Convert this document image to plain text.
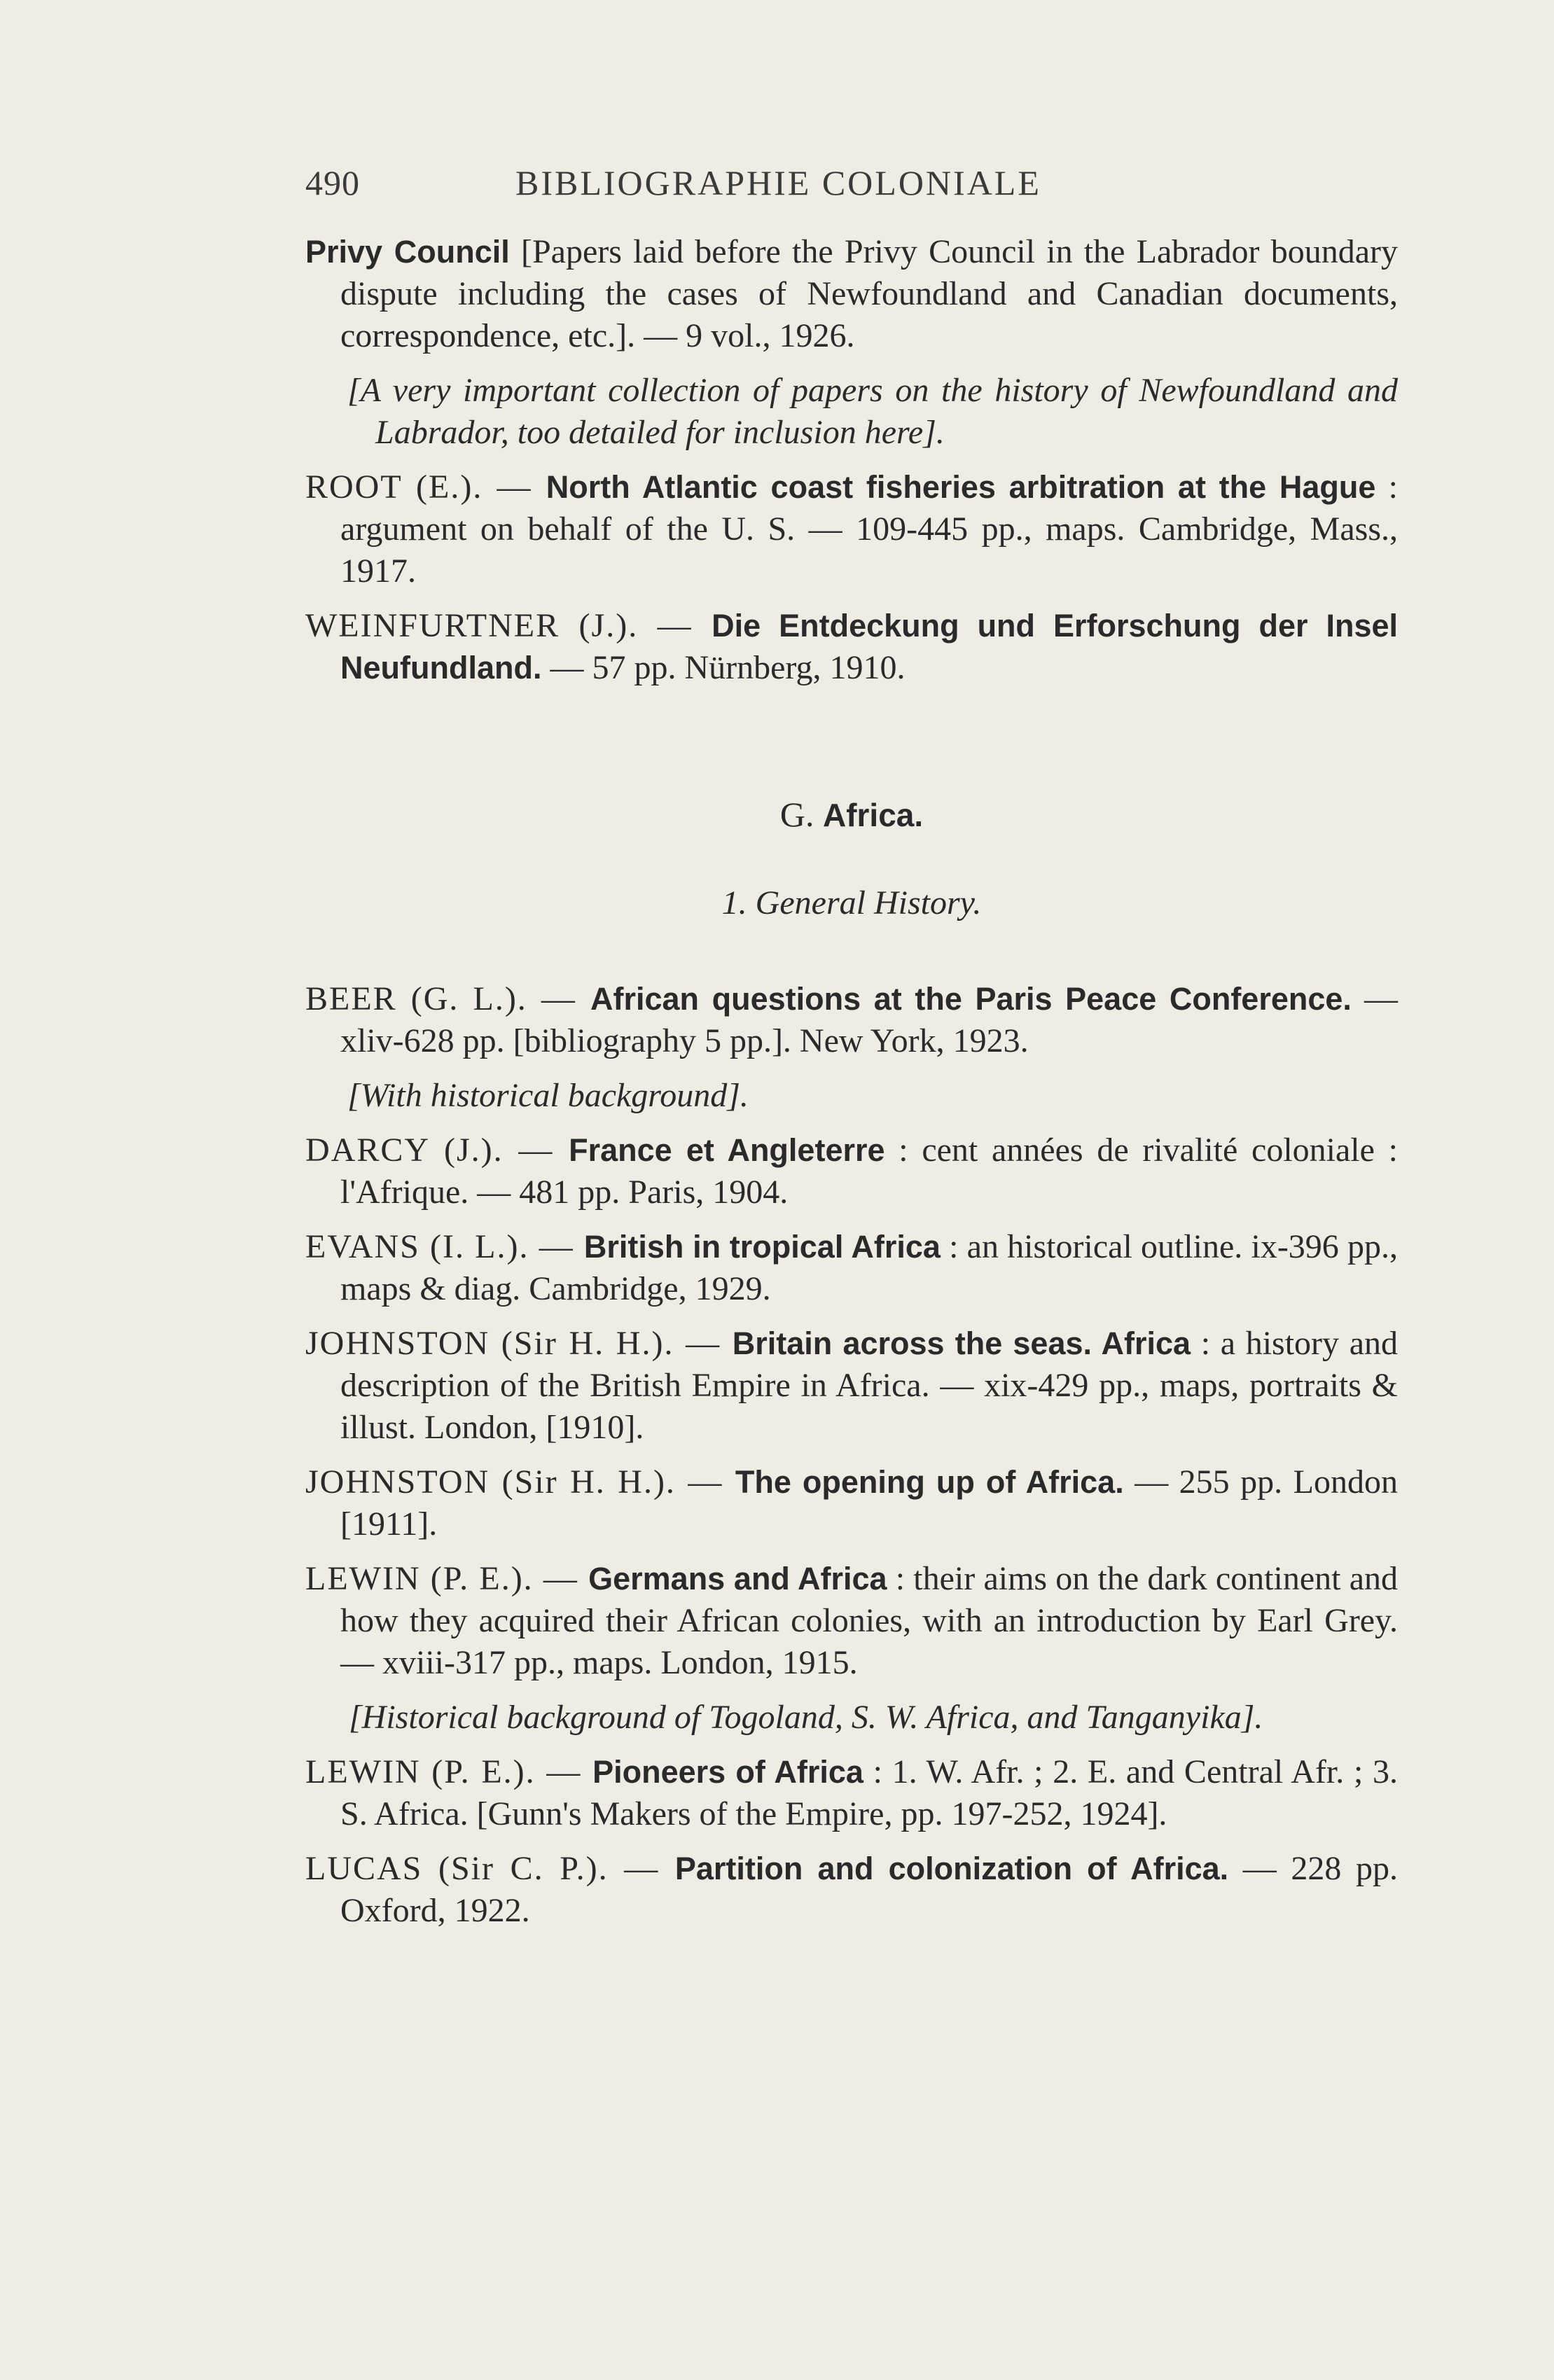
490	BIBLIOGRAPHIE COLONIALE

Privy Council [Papers laid before the Privy Council in the Labrador boundary dispute including the cases of Newfoundland and Canadian documents, correspondence, etc.]. — 9 vol., 1926.

[A very important collection of papers on the history of Newfoundland and Labrador, too detailed for inclusion here].

ROOT (E.). — North Atlantic coast fisheries arbitration at the Hague : argument on behalf of the U. S. — 109-445 pp., maps. Cambridge, Mass., 1917.

WEINFURTNER (J.). — Die Entdeckung und Erforschung der Insel Neufundland. — 57 pp. Nürnberg, 1910.

G. Africa.
1. General History.

BEER (G. L.). — African questions at the Paris Peace Conference. — xliv-628 pp. [bibliography 5 pp.]. New York, 1923.

[With historical background].

DARCY (J.). — France et Angleterre : cent années de rivalité coloniale : l'Afrique. — 481 pp. Paris, 1904.

EVANS (I. L.). — British in tropical Africa : an historical outline. ix-396 pp., maps & diag. Cambridge, 1929.

JOHNSTON (Sir H. H.). — Britain across the seas. Africa : a history and description of the British Empire in Africa. — xix-429 pp., maps, portraits & illust. London, [1910].

JOHNSTON (Sir H. H.). — The opening up of Africa. — 255 pp. London [1911].

LEWIN (P. E.). — Germans and Africa : their aims on the dark continent and how they acquired their African colonies, with an introduction by Earl Grey. — xviii-317 pp., maps. London, 1915.

[Historical background of Togoland, S. W. Africa, and Tanganyika].

LEWIN (P. E.). — Pioneers of Africa : 1. W. Afr. ; 2. E. and Central Afr. ; 3. S. Africa. [Gunn's Makers of the Empire, pp. 197-252, 1924].

LUCAS (Sir C. P.). — Partition and colonization of Africa. — 228 pp. Oxford, 1922.
